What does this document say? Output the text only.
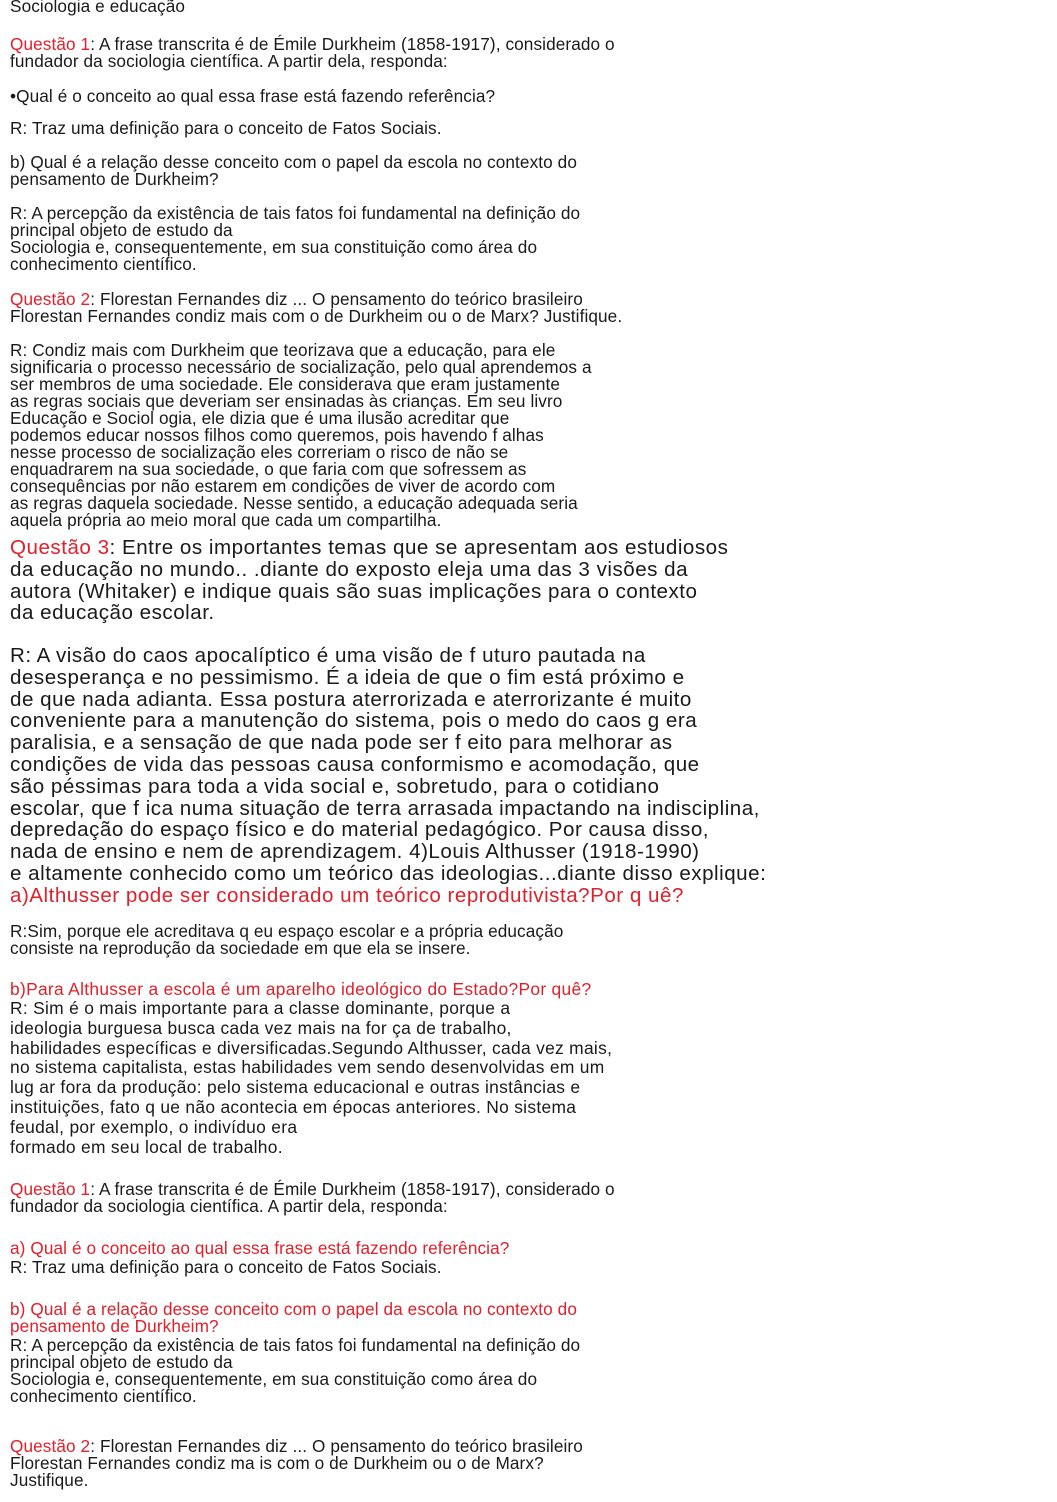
Sociologia e educação

Questão 1: A frase transcrita é de Émile Durkheim (1858-1917), considerado o
fundador da sociologia científica. A partir dela, responda:

•Qual é o conceito ao qual essa frase está fazendo referência?

R: Traz uma definição para o conceito de Fatos Sociais.

b) Qual é a relação desse conceito com o papel da escola no contexto do
pensamento de Durkheim?

R: A percepção da existência de tais fatos foi fundamental na definição do
principal objeto de estudo da
Sociologia e, consequentemente, em sua constituição como área do
conhecimento científico.

Questão 2: Florestan Fernandes diz ... O pensamento do teórico brasileiro
Florestan Fernandes condiz mais com o de Durkheim ou o de Marx? Justifique.

R: Condiz mais com Durkheim que teorizava que a educação, para ele
significaria o processo necessário de socialização, pelo qual aprendemos a
ser membros de uma sociedade. Ele considerava que eram justamente
as regras sociais que deveriam ser ensinadas às crianças. Em seu livro
Educação e Sociol ogia, ele dizia que é uma ilusão acreditar que
podemos educar nossos filhos como queremos, pois havendo f alhas
nesse processo de socialização eles correriam o risco de não se
enquadrarem na sua sociedade, o que faria com que sofressem as
consequências por não estarem em condições de viver de acordo com
as regras daquela sociedade. Nesse sentido, a educação adequada seria
aquela própria ao meio moral que cada um compartilha.

Questão 3: Entre os importantes temas que se apresentam aos estudiosos
da educação no mundo.. .diante do exposto eleja uma das 3 visões da
autora (Whitaker) e indique quais são suas implicações para o contexto
da educação escolar.

R: A visão do caos apocalíptico é uma visão de f uturo pautada na
desesperança e no pessimismo. É a ideia de que o fim está próximo e
de que nada adianta. Essa postura aterrorizada e aterrorizante é muito
conveniente para a manutenção do sistema, pois o medo do caos g era
paralisia, e a sensação de que nada pode ser f eito para melhorar as
condições de vida das pessoas causa conformismo e acomodação, que
são péssimas para toda a vida social e, sobretudo, para o cotidiano
escolar, que f ica numa situação de terra arrasada impactando na indisciplina,
depredação do espaço físico e do material pedagógico. Por causa disso,
nada de ensino e nem de aprendizagem. 4)Louis Althusser (1918-1990)
e altamente conhecido como um teórico das ideologias...diante disso explique:

a)Althusser pode ser considerado um teórico reprodutivista?Por q uê?

R:Sim, porque ele acreditava q eu espaço escolar e a própria educação
consiste na reprodução da sociedade em que ela se insere.

b)Para Althusser a escola é um aparelho ideológico do Estado?Por quê?

R: Sim é o mais importante para a classe dominante, porque a
ideologia burguesa busca cada vez mais na for ça de trabalho,
habilidades específicas e diversificadas.Segundo Althusser, cada vez mais,
no sistema capitalista, estas habilidades vem sendo desenvolvidas em um
lug ar fora da produção: pelo sistema educacional e outras instâncias e
instituições, fato q ue não acontecia em épocas anteriores. No sistema
feudal, por exemplo, o indivíduo era
formado em seu local de trabalho.

Questão 1: A frase transcrita é de Émile Durkheim (1858-1917), considerado o
fundador da sociologia científica. A partir dela, responda:

a) Qual é o conceito ao qual essa frase está fazendo referência?

R: Traz uma definição para o conceito de Fatos Sociais.

b) Qual é a relação desse conceito com o papel da escola no contexto do
pensamento de Durkheim?

R: A percepção da existência de tais fatos foi fundamental na definição do
principal objeto de estudo da
Sociologia e, consequentemente, em sua constituição como área do
conhecimento científico.

Questão 2: Florestan Fernandes diz ... O pensamento do teórico brasileiro
Florestan Fernandes condiz ma is com o de Durkheim ou o de Marx?
Justifique.
